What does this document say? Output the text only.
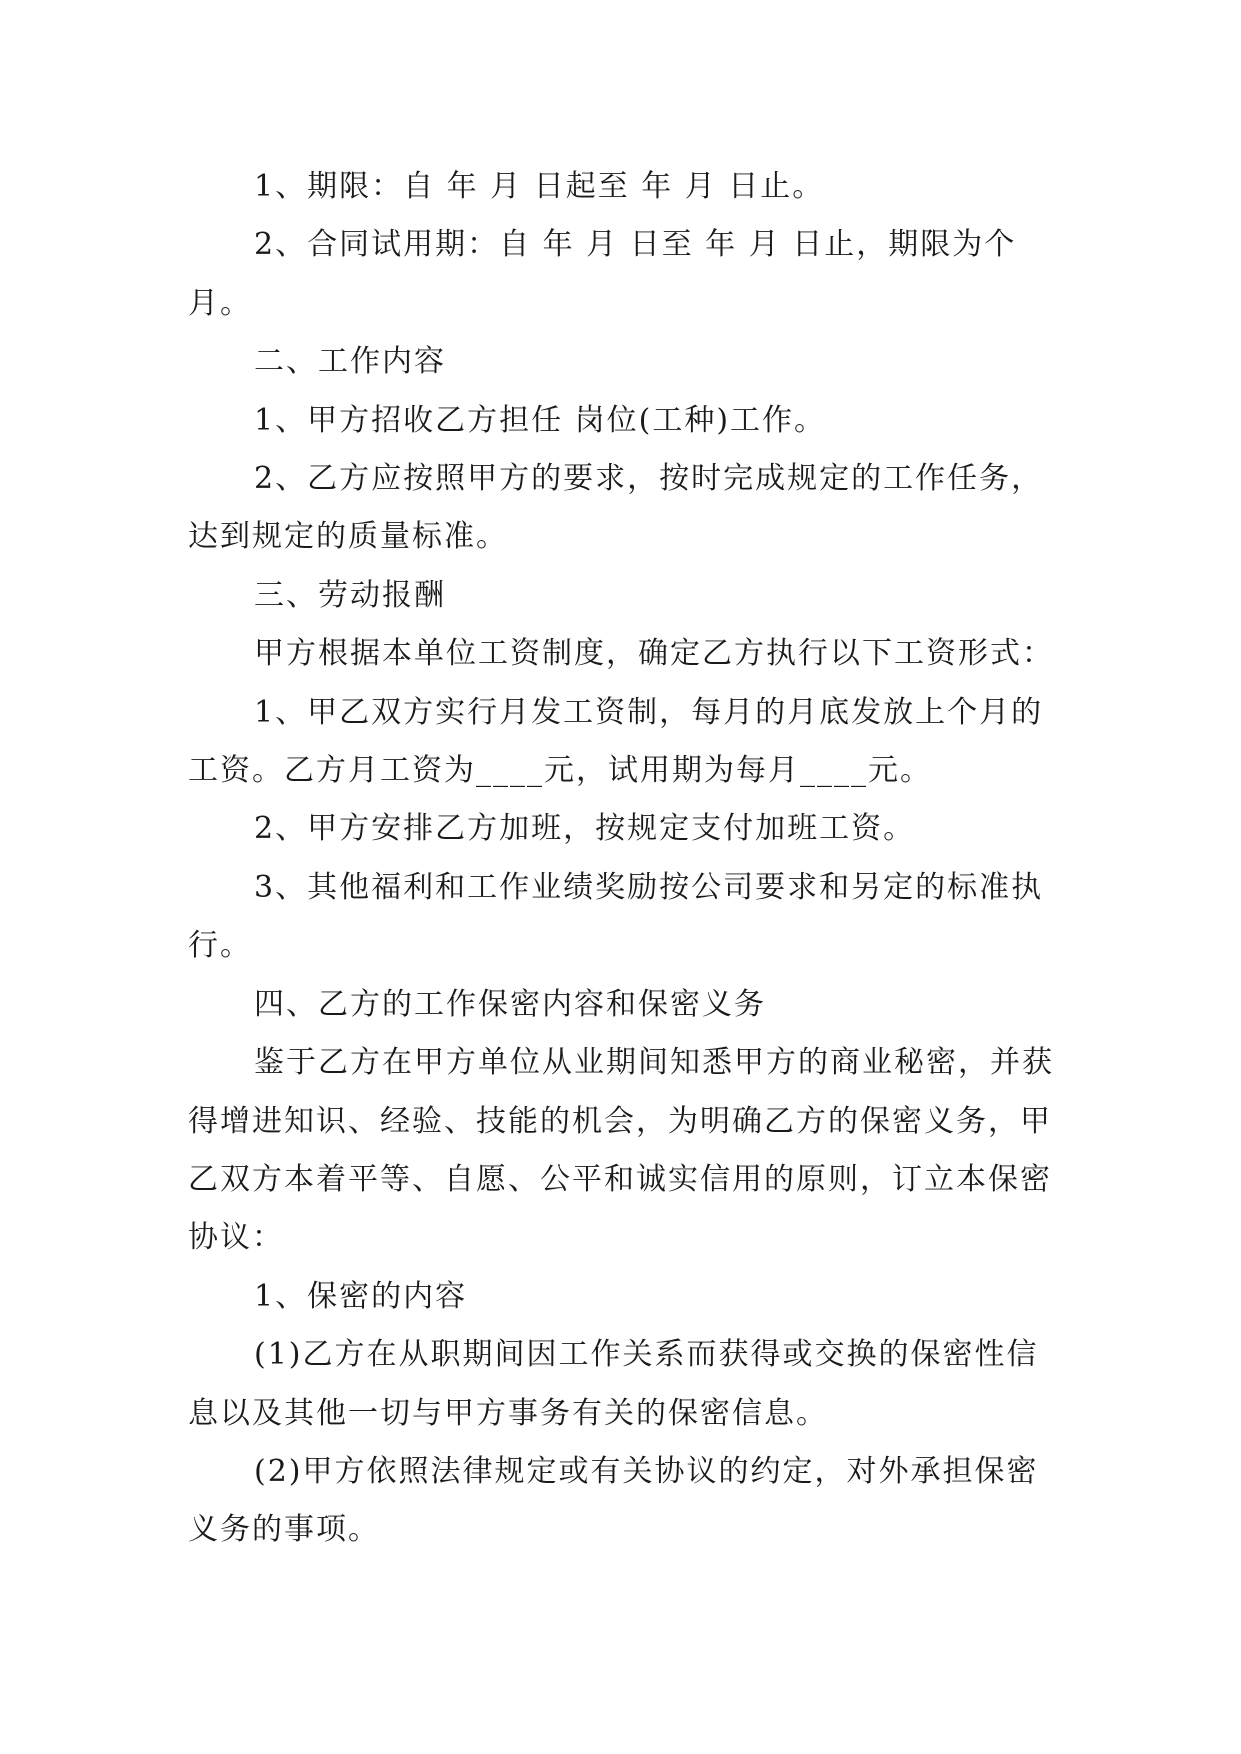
1、期限：自 年 月 日起至 年 月 日止。

2、合同试用期：自 年 月 日至 年 月 日止，期限为个月。

二、工作内容

1、甲方招收乙方担任 岗位(工种)工作。

2、乙方应按照甲方的要求，按时完成规定的工作任务，达到规定的质量标准。

三、劳动报酬

甲方根据本单位工资制度，确定乙方执行以下工资形式：

1、甲乙双方实行月发工资制，每月的月底发放上个月的工资。乙方月工资为____元，试用期为每月____元。

2、甲方安排乙方加班，按规定支付加班工资。

3、其他福利和工作业绩奖励按公司要求和另定的标准执行。

四、乙方的工作保密内容和保密义务

鉴于乙方在甲方单位从业期间知悉甲方的商业秘密，并获得增进知识、经验、技能的机会，为明确乙方的保密义务，甲乙双方本着平等、自愿、公平和诚实信用的原则，订立本保密协议：

1、保密的内容

(1)乙方在从职期间因工作关系而获得或交换的保密性信息以及其他一切与甲方事务有关的保密信息。

(2)甲方依照法律规定或有关协议的约定，对外承担保密义务的事项。
